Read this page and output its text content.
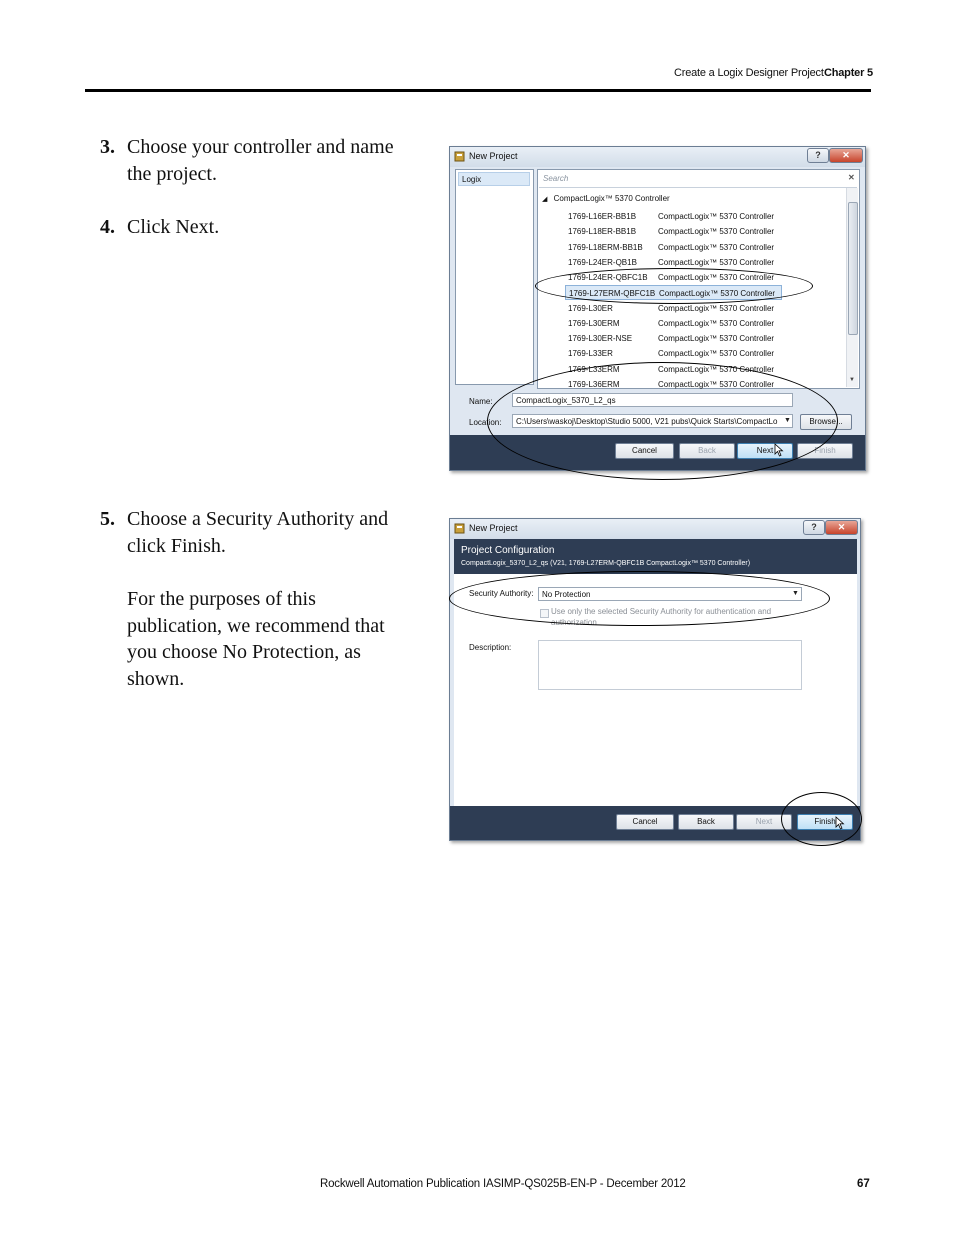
Create a Logix Designer Project Chapter 5
3. Choose your controller and name the project.
4. Click Next.
5. Choose a Security Authority and click Finish.
For the purposes of this publication, we recommend that you choose No Protection, as shown.
New Project	?	✕
Logix	Search	✕
◢ CompactLogix™ 5370 Controller
1769-L16ER-BB1B	CompactLogix™ 5370 Controller
1769-L18ER-BB1B	CompactLogix™ 5370 Controller
1769-L18ERM-BB1B CompactLogix™ 5370 Controller
1769-L24ER-QB1B	CompactLogix™ 5370 Controller
1769-L24ER-QBFC1B CompactLogix™ 5370 Controller
1769-L27ERM-QBFC1B CompactLogix™ 5370 Controller
1769-L30ER	CompactLogix™ 5370 Controller
1769-L30ERM	CompactLogix™ 5370 Controller
1769-L30ER-NSE	CompactLogix™ 5370 Controller
1769-L33ER	CompactLogix™ 5370 Controller
1769-L33ERM	CompactLogix™ 5370 Controller
1769-L36ERM	CompactLogix™ 5370 Controller	▼
Name:	CompactLogix_5370_L2_qs
Location:	C:\Users\waskoj\Desktop\Studio 5000, V21 pubs\Quick Starts\CompactLo ▼	Browse...
Cancel	Back	Next	Finish
New Project	?	✕
Project Configuration
CompactLogix_5370_L2_qs (V21, 1769-L27ERM-QBFC1B CompactLogix™ 5370 Controller)
Security Authority:	No Protection	▼
Use only the selected Security Authority for authentication and authorization
Description:
Cancel	Back	Next	Finish
Rockwell Automation Publication IASIMP-QS025B-EN-P - December 2012	67
